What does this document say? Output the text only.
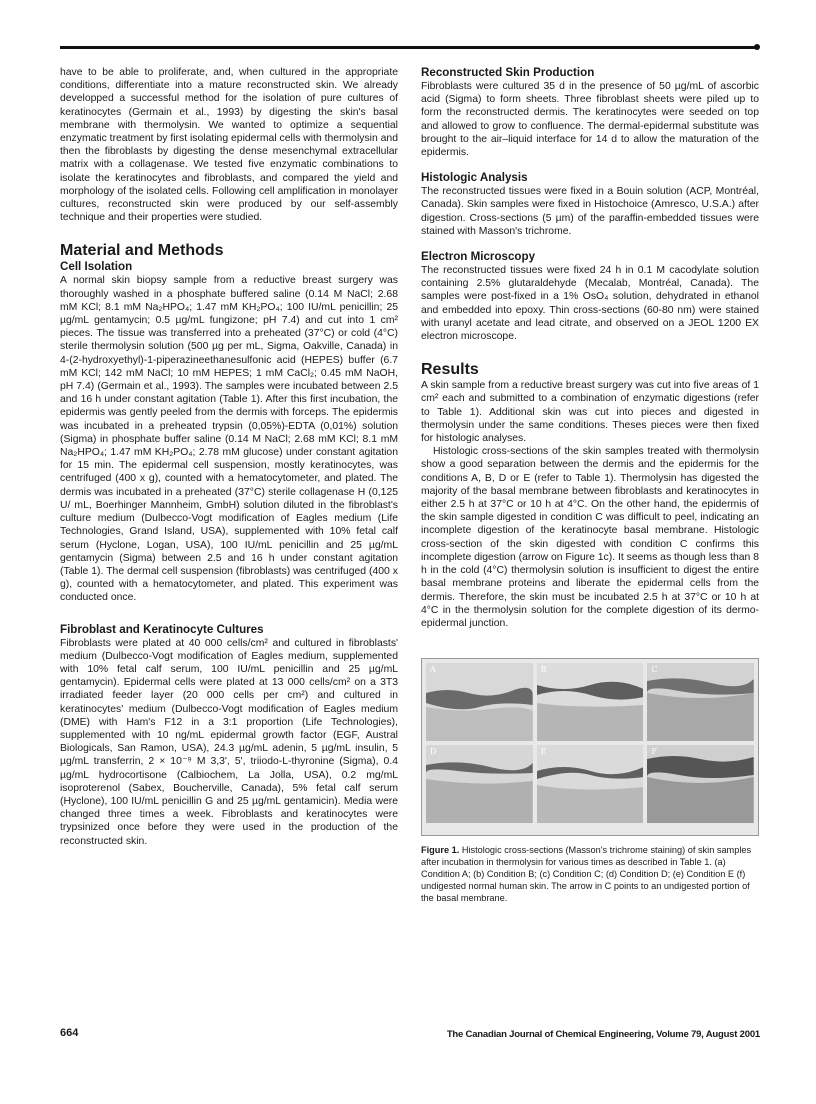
have to be able to proliferate, and, when cultured in the appropriate conditions, differentiate into a mature reconstructed skin. We already developped a successful method for the isolation of pure cultures of keratinocytes (Germain et al., 1993) by digesting the skin's basal membrane with thermolysin. We wanted to optimize a sequential enzymatic treatment by first isolating epidermal cells with thermolysin and then the fibroblasts by digesting the dense mesenchymal extracellular matrix with a collagenase. We tested five enzymatic combinations to isolate the keratinocytes and fibroblasts, and compared the yield and morphology of the isolated cells. Following cell amplification in monolayer cultures, reconstructed skin were produced by our self-assembly technique and their properties were studied.

Material and Methods
Cell Isolation

A normal skin biopsy sample from a reductive breast surgery was thoroughly washed in a phosphate buffered saline (0.14 M NaCl; 2.68 mM KCl; 8.1 mM Na₂HPO₄; 1.47 mM KH₂PO₄; 100 IU/mL penicillin; 25 µg/mL gentamycin; 0.5 µg/mL fungizone; pH 7.4) and cut into 1 cm² pieces. The tissue was transferred into a preheated (37°C) or cold (4°C) sterile thermolysin solution (500 µg per mL, Sigma, Oakville, Canada) in 4-(2-hydroxyethyl)-1-piperazineethanesulfonic acid (HEPES) buffer (6.7 mM KCl; 142 mM NaCl; 10 mM HEPES; 1 mM CaCl₂; 0.45 mM NaOH, pH 7.4) (Germain et al., 1993). The samples were incubated between 2.5 and 16 h under constant agitation (Table 1). After this first incubation, the epidermis was gently peeled from the dermis with forceps. The epidermis was incubated in a preheated trypsin (0,05%)-EDTA (0,01%) solution (Sigma) in phosphate buffer saline (0.14 M NaCl; 2.68 mM KCl; 8.1 mM Na₂HPO₄; 1.47 mM KH₂PO₄; 2.78 mM glucose) under constant agitation for 15 min. The epidermal cell suspension, mostly keratinocytes, was centrifuged (400 x g), counted with a hematocytometer, and plated. The dermis was incubated in a preheated (37°C) sterile collagenase H (0,125 U/ mL, Boerhinger Mannheim, GmbH) solution diluted in the fibroblast's culture medium (Dulbecco-Vogt modification of Eagles medium (Life Technologies, Grand Island, USA), supplemented with 10% fetal calf serum (Hyclone, Logan, USA), 100 IU/mL penicillin and 25 µg/mL gentamycin (Sigma) between 2.5 and 16 h under constant agitation (Table 1). The dermal cell suspension (fibroblasts) was centrifuged (400 x g), counted with a hematocytometer, and plated. This experiment was conducted once.

Fibroblast and Keratinocyte Cultures

Fibroblasts were plated at 40 000 cells/cm² and cultured in fibroblasts' medium (Dulbecco-Vogt modification of Eagles medium, supplemented with 10% fetal calf serum, 100 IU/mL penicillin and 25 µg/mL gentamycin). Epidermal cells were plated at 13 000 cells/cm² on a 3T3 irradiated feeder layer (20 000 cells per cm²) and cultured in keratinocytes' medium (Dulbecco-Vogt modification of Eagles medium (DME) with Ham's F12 in a 3:1 proportion (Life Technologies), supplemented with 10 ng/mL epidermal growth factor (EGF, Austral Biologicals, San Ramon, USA), 24.3 µg/mL adenin, 5 µg/mL insulin, 5 µg/mL transferrin, 2 × 10⁻⁹ M 3,3', 5', triiodo-L-thyronine (Sigma), 0.4 µg/mL hydrocortisone (Calbiochem, La Jolla, USA), 0.2 mg/mL isoproterenol (Sabex, Boucherville, Canada), 5% fetal calf serum (Hyclone), 100 IU/mL penicillin G and 25 µg/mL gentamicin). Media were changed three times a week. Fibroblasts and keratinocytes were trypsinized once before they were used in the production of the reconstructed skin.

Reconstructed Skin Production

Fibroblasts were cultured 35 d in the presence of 50 µg/mL of ascorbic acid (Sigma) to form sheets. Three fibroblast sheets were piled up to form the reconstructed dermis. The keratinocytes were seeded on top and allowed to grow to confluence. The dermal-epidermal substitute was brought to the air–liquid interface for 14 d to allow the maturation of the epidermis.

Histologic Analysis

The reconstructed tissues were fixed in a Bouin solution (ACP, Montréal, Canada). Skin samples were fixed in Histochoice (Amresco, U.S.A.) after digestion. Cross-sections (5 µm) of the paraffin-embedded tissues were stained with Masson's trichrome.

Electron Microscopy

The reconstructed tissues were fixed 24 h in 0.1 M cacodylate solution containing 2.5% glutaraldehyde (Mecalab, Montréal, Canada). The samples were post-fixed in a 1% OsO₄ solution, dehydrated in ethanol and embedded into epoxy. Thin cross-sections (60-80 nm) were stained with uranyl acetate and lead citrate, and observed on a JEOL 1200 EX electron microscope.

Results

A skin sample from a reductive breast surgery was cut into five areas of 1 cm² each and submitted to a combination of enzymatic digestions (refer to Table 1). Additional skin was cut into pieces and digested in thermolysin under the same conditions. Theses pieces were then fixed for histologic analyses.

Histologic cross-sections of the skin samples treated with thermolysin show a good separation between the dermis and the epidermis for the conditions A, B, D or E (refer to Table 1). Thermolysin has digested the majority of the basal membrane between fibroblasts and keratinocytes in either 2.5 h at 37°C or 10 h at 4°C. On the other hand, the epidermis of the skin sample digested in condition C was difficult to peel, indicating an incomplete digestion of the keratinocyte basal membrane. Histologic cross-section of the skin digested with condition C confirms this incomplete digestion (arrow on Figure 1c). It seems as though less than 8 h in the cold (4°C) thermolysin solution is insufficient to digest the entire basal membrane proteins and liberate the epidermal cells from the dermis. Therefore, the skin must be incubated 2.5 h at 37°C or 10 h at 4°C in the thermolysin solution for the complete digestion of its dermo-epidermal junction.

A	B	C
D	E	F

Figure 1. Histologic cross-sections (Masson's trichrome staining) of skin samples after incubation in thermolysin for various times as described in Table 1. (a) Condition A; (b) Condition B; (c) Condition C; (d) Condition D; (e) Condition E (f) undigested normal human skin. The arrow in C points to an undigested portion of the basal membrane.

664	The Canadian Journal of Chemical Engineering, Volume 79, August 2001
